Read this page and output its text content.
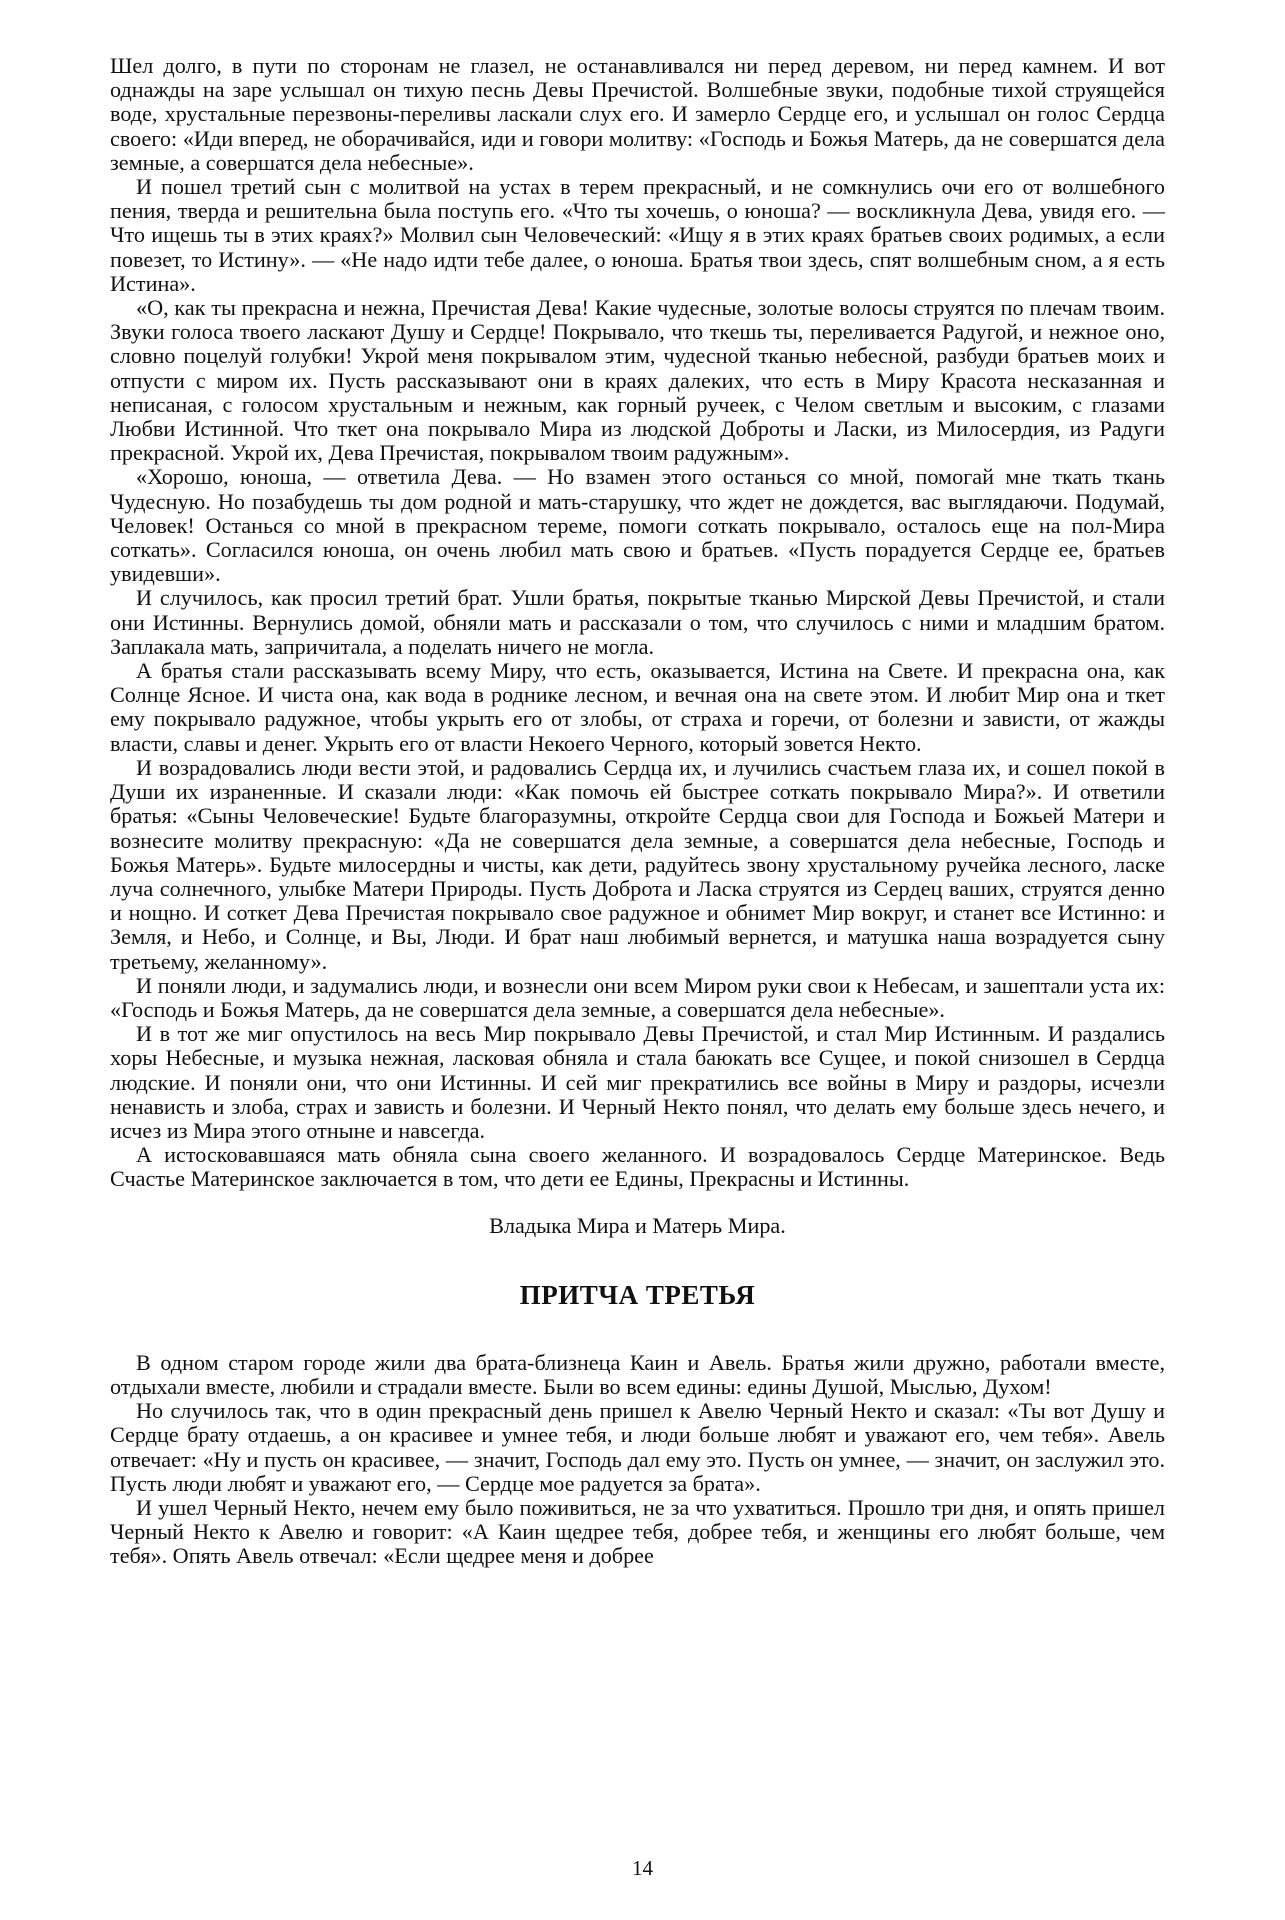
Шел долго, в пути по сторонам не глазел, не останавливался ни перед деревом, ни перед камнем. И вот однажды на заре услышал он тихую песнь Девы Пречистой. Волшебные звуки, подобные тихой струящейся воде, хрустальные перезвоны-переливы ласкали слух его. И замерло Сердце его, и услышал он голос Сердца своего: «Иди вперед, не оборачивайся, иди и говори молитву: «Господь и Божья Матерь, да не совершатся дела земные, а совершатся дела небесные».

И пошел третий сын с молитвой на устах в терем прекрасный, и не сомкнулись очи его от волшебного пения, тверда и решительна была поступь его. «Что ты хочешь, о юноша? — воскликнула Дева, увидя его. — Что ищешь ты в этих краях?» Молвил сын Человеческий: «Ищу я в этих краях братьев своих родимых, а если повезет, то Истину». — «Не надо идти тебе далее, о юноша. Братья твои здесь, спят волшебным сном, а я есть Истина».

«О, как ты прекрасна и нежна, Пречистая Дева! Какие чудесные, золотые волосы струятся по плечам твоим. Звуки голоса твоего ласкают Душу и Сердце! Покрывало, что ткешь ты, переливается Радугой, и нежное оно, словно поцелуй голубки! Укрой меня покрывалом этим, чудесной тканью небесной, разбуди братьев моих и отпусти с миром их. Пусть рассказывают они в краях далеких, что есть в Миру Красота несказанная и неписаная, с голосом хрустальным и нежным, как горный ручеек, с Челом светлым и высоким, с глазами Любви Истинной. Что ткет она покрывало Мира из людской Доброты и Ласки, из Милосердия, из Радуги прекрасной. Укрой их, Дева Пречистая, покрывалом твоим радужным».

«Хорошо, юноша, — ответила Дева. — Но взамен этого останься со мной, помогай мне ткать ткань Чудесную. Но позабудешь ты дом родной и мать-старушку, что ждет не дождется, вас выглядаючи. Подумай, Человек! Останься со мной в прекрасном тереме, помоги соткать покрывало, осталось еще на пол-Мира соткать». Согласился юноша, он очень любил мать свою и братьев. «Пусть порадуется Сердце ее, братьев увидевши».

И случилось, как просил третий брат. Ушли братья, покрытые тканью Мирской Девы Пречистой, и стали они Истинны. Вернулись домой, обняли мать и рассказали о том, что случилось с ними и младшим братом. Заплакала мать, запричитала, а поделать ничего не могла.

А братья стали рассказывать всему Миру, что есть, оказывается, Истина на Свете. И прекрасна она, как Солнце Ясное. И чиста она, как вода в роднике лесном, и вечная она на свете этом. И любит Мир она и ткет ему покрывало радужное, чтобы укрыть его от злобы, от страха и горечи, от болезни и зависти, от жажды власти, славы и денег. Укрыть его от власти Некоего Черного, который зовется Некто.

И возрадовались люди вести этой, и радовались Сердца их, и лучились счастьем глаза их, и сошел покой в Души их израненные. И сказали люди: «Как помочь ей быстрее соткать покрывало Мира?». И ответили братья: «Сыны Человеческие! Будьте благоразумны, откройте Сердца свои для Господа и Божьей Матери и вознесите молитву прекрасную: «Да не совершатся дела земные, а совершатся дела небесные, Господь и Божья Матерь». Будьте милосердны и чисты, как дети, радуйтесь звону хрустальному ручейка лесного, ласке луча солнечного, улыбке Матери Природы. Пусть Доброта и Ласка струятся из Сердец ваших, струятся денно и нощно. И соткет Дева Пречистая покрывало свое радужное и обнимет Мир вокруг, и станет все Истинно: и Земля, и Небо, и Солнце, и Вы, Люди. И брат наш любимый вернется, и матушка наша возрадуется сыну третьему, желанному».

И поняли люди, и задумались люди, и вознесли они всем Миром руки свои к Небесам, и зашептали уста их: «Господь и Божья Матерь, да не совершатся дела земные, а совершатся дела небесные».

И в тот же миг опустилось на весь Мир покрывало Девы Пречистой, и стал Мир Истинным. И раздались хоры Небесные, и музыка нежная, ласковая обняла и стала баюкать все Сущее, и покой снизошел в Сердца людские. И поняли они, что они Истинны. И сей миг прекратились все войны в Миру и раздоры, исчезли ненависть и злоба, страх и зависть и болезни. И Черный Некто понял, что делать ему больше здесь нечего, и исчез из Мира этого отныне и навсегда.

А истосковавшаяся мать обняла сына своего желанного. И возрадовалось Сердце Материнское. Ведь Счастье Материнское заключается в том, что дети ее Едины, Прекрасны и Истинны.

Владыка Мира и Матерь Мира.

ПРИТЧА ТРЕТЬЯ

В одном старом городе жили два брата-близнеца Каин и Авель. Братья жили дружно, работали вместе, отдыхали вместе, любили и страдали вместе. Были во всем едины: едины Душой, Мыслью, Духом!

Но случилось так, что в один прекрасный день пришел к Авелю Черный Некто и сказал: «Ты вот Душу и Сердце брату отдаешь, а он красивее и умнее тебя, и люди больше любят и уважают его, чем тебя». Авель отвечает: «Ну и пусть он красивее, — значит, Господь дал ему это. Пусть он умнее, — значит, он заслужил это. Пусть люди любят и уважают его, — Сердце мое радуется за брата».

И ушел Черный Некто, нечем ему было поживиться, не за что ухватиться. Прошло три дня, и опять пришел Черный Некто к Авелю и говорит: «А Каин щедрее тебя, добрее тебя, и женщины его любят больше, чем тебя». Опять Авель отвечал: «Если щедрее меня и добрее

14
